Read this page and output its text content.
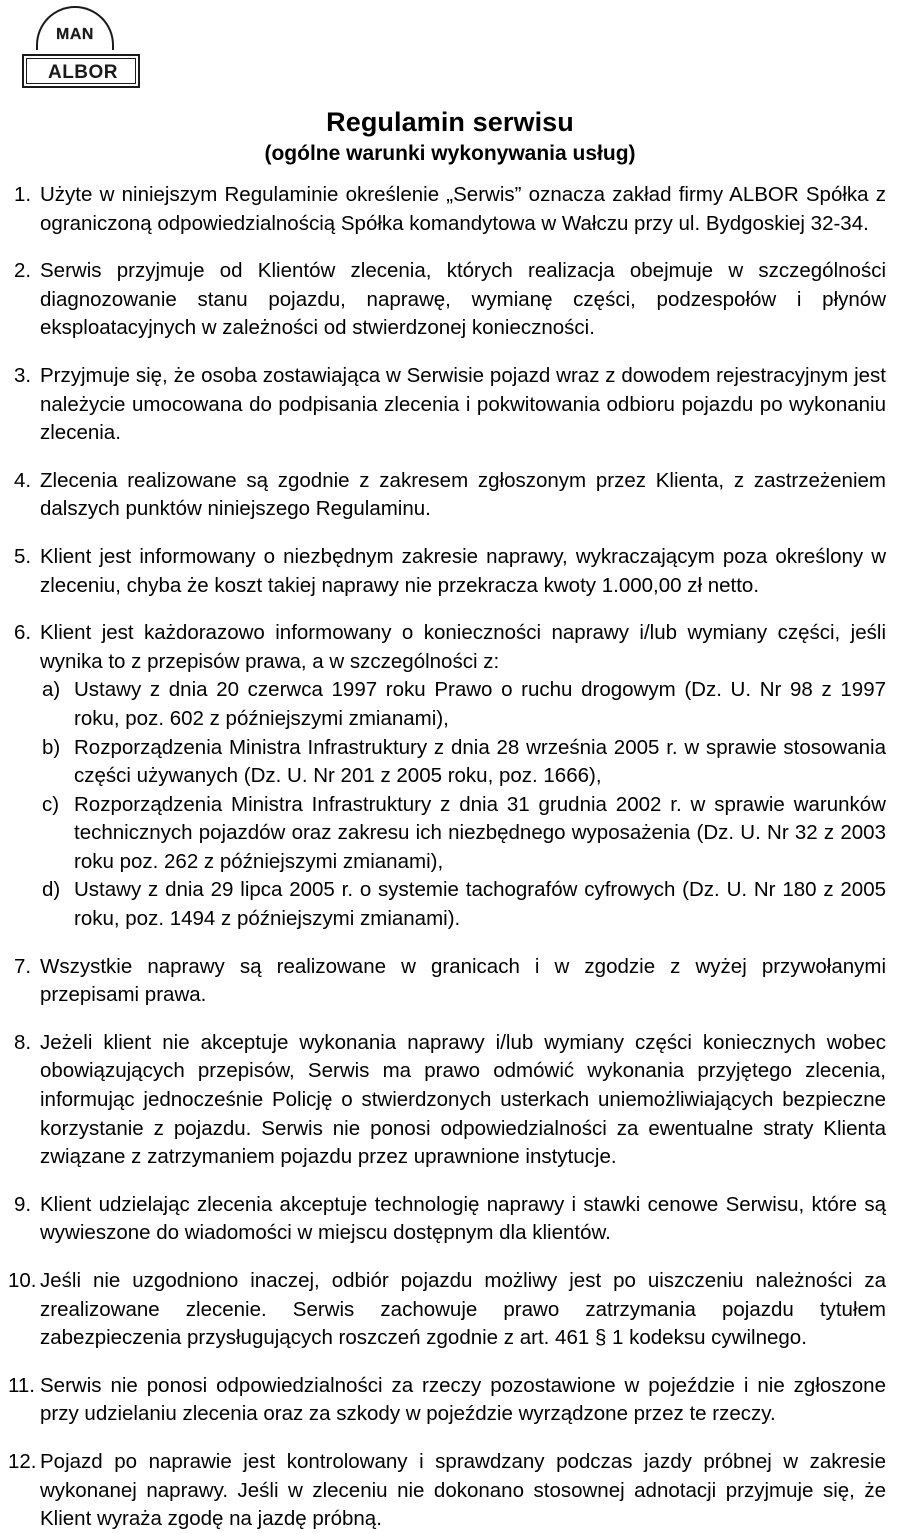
MAN
ALBOR
Regulamin serwisu
(ogólne warunki wykonywania usług)
1. Użyte w niniejszym Regulaminie określenie „Serwis” oznacza zakład firmy ALBOR Spółka z ograniczoną odpowiedzialnością Spółka komandytowa w Wałczu przy ul. Bydgoskiej 32-34.
2. Serwis przyjmuje od Klientów zlecenia, których realizacja obejmuje w szczególności diagnozowanie stanu pojazdu, naprawę, wymianę części, podzespołów i płynów eksploatacyjnych w zależności od stwierdzonej konieczności.
3. Przyjmuje się, że osoba zostawiająca w Serwisie pojazd wraz z dowodem rejestracyjnym jest należycie umocowana do podpisania zlecenia i pokwitowania odbioru pojazdu po wykonaniu zlecenia.
4. Zlecenia realizowane są zgodnie z zakresem zgłoszonym przez Klienta, z zastrzeżeniem dalszych punktów niniejszego Regulaminu.
5. Klient jest informowany o niezbędnym zakresie naprawy, wykraczającym poza określony w zleceniu, chyba że koszt takiej naprawy nie przekracza kwoty 1.000,00 zł netto.
6. Klient jest każdorazowo informowany o konieczności naprawy i/lub wymiany części, jeśli wynika to z przepisów prawa, a w szczególności z:
a) Ustawy z dnia 20 czerwca 1997 roku Prawo o ruchu drogowym (Dz. U. Nr 98 z 1997 roku, poz. 602 z późniejszymi zmianami),
b) Rozporządzenia Ministra Infrastruktury z dnia 28 września 2005 r. w sprawie stosowania części używanych (Dz. U. Nr 201 z 2005 roku, poz. 1666),
c) Rozporządzenia Ministra Infrastruktury z dnia 31 grudnia 2002 r. w sprawie warunków technicznych pojazdów oraz zakresu ich niezbędnego wyposażenia (Dz. U. Nr 32 z 2003 roku poz. 262 z późniejszymi zmianami),
d) Ustawy z dnia 29 lipca 2005 r. o systemie tachografów cyfrowych (Dz. U. Nr 180 z 2005 roku, poz. 1494 z późniejszymi zmianami).
7. Wszystkie naprawy są realizowane w granicach i w zgodzie z wyżej przywołanymi przepisami prawa.
8. Jeżeli klient nie akceptuje wykonania naprawy i/lub wymiany części koniecznych wobec obowiązujących przepisów, Serwis ma prawo odmówić wykonania przyjętego zlecenia, informując jednocześnie Policję o stwierdzonych usterkach uniemożliwiających bezpieczne korzystanie z pojazdu. Serwis nie ponosi odpowiedzialności za ewentualne straty Klienta związane z zatrzymaniem pojazdu przez uprawnione instytucje.
9. Klient udzielając zlecenia akceptuje technologię naprawy i stawki cenowe Serwisu, które są wywieszone do wiadomości w miejscu dostępnym dla klientów.
10. Jeśli nie uzgodniono inaczej, odbiór pojazdu możliwy jest po uiszczeniu należności za zrealizowane zlecenie. Serwis zachowuje prawo zatrzymania pojazdu tytułem zabezpieczenia przysługujących roszczeń zgodnie z art. 461 § 1 kodeksu cywilnego.
11. Serwis nie ponosi odpowiedzialności za rzeczy pozostawione w pojeździe i nie zgłoszone przy udzielaniu zlecenia oraz za szkody w pojeździe wyrządzone przez te rzeczy.
12. Pojazd po naprawie jest kontrolowany i sprawdzany podczas jazdy próbnej w zakresie wykonanej naprawy. Jeśli w zleceniu nie dokonano stosownej adnotacji przyjmuje się, że Klient wyraża zgodę na jazdę próbną.
